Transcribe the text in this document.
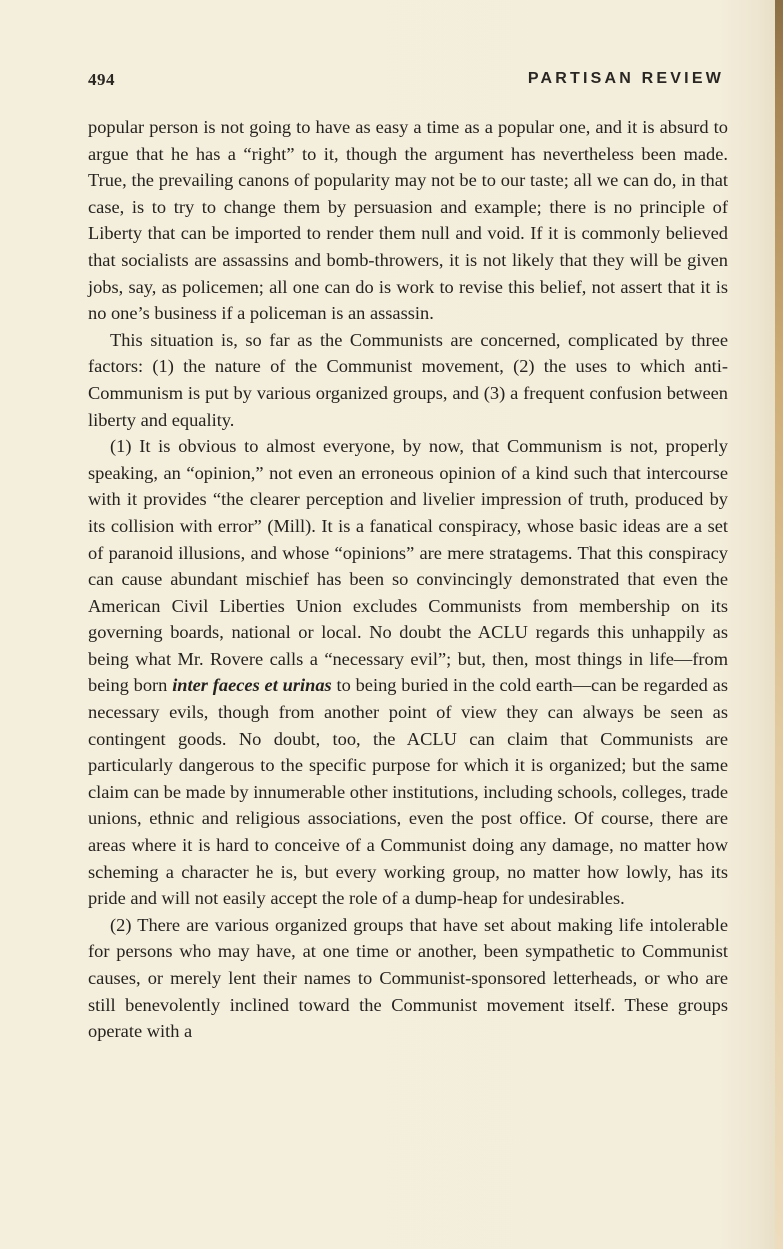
494	PARTISAN REVIEW

popular person is not going to have as easy a time as a popular one, and it is absurd to argue that he has a “right” to it, though the argument has nevertheless been made. True, the prevailing canons of popularity may not be to our taste; all we can do, in that case, is to try to change them by persuasion and example; there is no principle of Liberty that can be imported to render them null and void. If it is commonly believed that socialists are assassins and bomb-throwers, it is not likely that they will be given jobs, say, as policemen; all one can do is work to revise this belief, not assert that it is no one’s business if a policeman is an assassin.

This situation is, so far as the Communists are concerned, complicated by three factors: (1) the nature of the Communist movement, (2) the uses to which anti-Communism is put by various organized groups, and (3) a frequent confusion between liberty and equality.

(1) It is obvious to almost everyone, by now, that Communism is not, properly speaking, an “opinion,” not even an erroneous opinion of a kind such that intercourse with it provides “the clearer perception and livelier impression of truth, produced by its collision with error” (Mill). It is a fanatical conspiracy, whose basic ideas are a set of paranoid illusions, and whose “opinions” are mere stratagems. That this conspiracy can cause abundant mischief has been so convincingly demonstrated that even the American Civil Liberties Union excludes Communists from membership on its governing boards, national or local. No doubt the ACLU regards this unhappily as being what Mr. Rovere calls a “necessary evil”; but, then, most things in life—from being born inter faeces et urinas to being buried in the cold earth—can be regarded as necessary evils, though from another point of view they can always be seen as contingent goods. No doubt, too, the ACLU can claim that Communists are particularly dangerous to the specific purpose for which it is organized; but the same claim can be made by innumerable other institutions, including schools, colleges, trade unions, ethnic and religious associations, even the post office. Of course, there are areas where it is hard to conceive of a Communist doing any damage, no matter how scheming a character he is, but every working group, no matter how lowly, has its pride and will not easily accept the role of a dump-heap for undesirables.

(2) There are various organized groups that have set about making life intolerable for persons who may have, at one time or another, been sympathetic to Communist causes, or merely lent their names to Communist-sponsored letterheads, or who are still benevolently inclined toward the Communist movement itself. These groups operate with a
